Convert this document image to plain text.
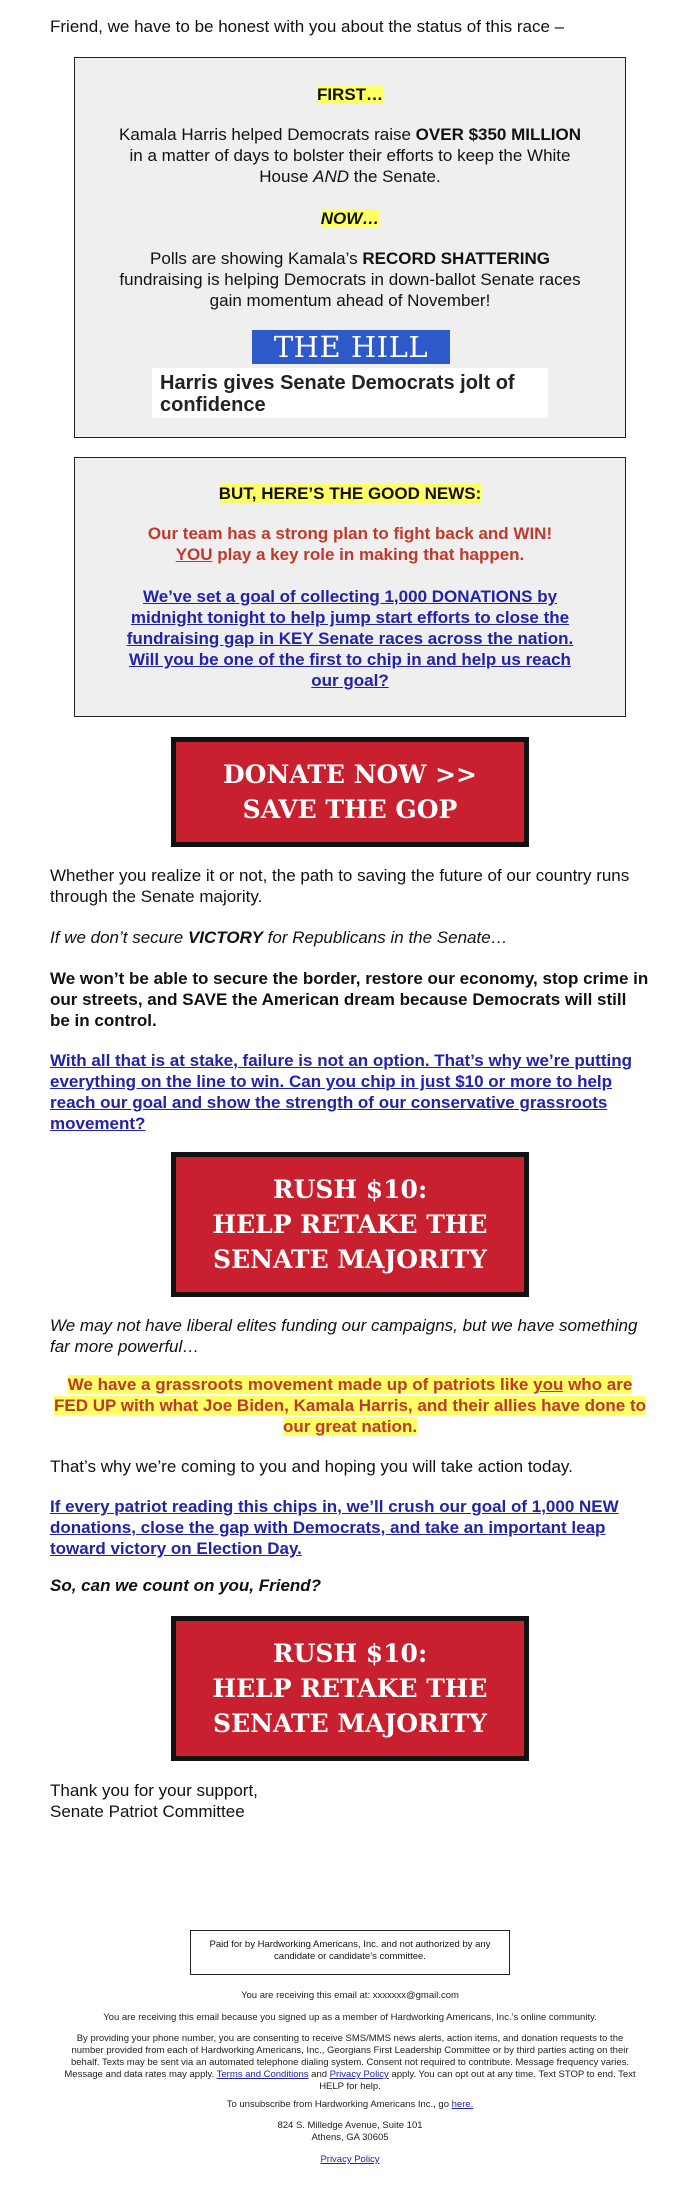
Friend, we have to be honest with you about the status of this race –

FIRST…

Kamala Harris helped Democrats raise OVER $350 MILLION in a matter of days to bolster their efforts to keep the White House AND the Senate.

NOW…

Polls are showing Kamala’s RECORD SHATTERING fundraising is helping Democrats in down-ballot Senate races gain momentum ahead of November!

THE HILL
Harris gives Senate Democrats jolt of confidence

BUT, HERE’S THE GOOD NEWS:

Our team has a strong plan to fight back and WIN! YOU play a key role in making that happen.

We’ve set a goal of collecting 1,000 DONATIONS by midnight tonight to help jump start efforts to close the fundraising gap in KEY Senate races across the nation. Will you be one of the first to chip in and help us reach our goal?

DONATE NOW >>
SAVE THE GOP

Whether you realize it or not, the path to saving the future of our country runs through the Senate majority.

If we don’t secure VICTORY for Republicans in the Senate…

We won’t be able to secure the border, restore our economy, stop crime in our streets, and SAVE the American dream because Democrats will still be in control.

With all that is at stake, failure is not an option. That’s why we’re putting everything on the line to win. Can you chip in just $10 or more to help reach our goal and show the strength of our conservative grassroots movement?

RUSH $10:
HELP RETAKE THE
SENATE MAJORITY

We may not have liberal elites funding our campaigns, but we have something far more powerful…

We have a grassroots movement made up of patriots like you who are FED UP with what Joe Biden, Kamala Harris, and their allies have done to our great nation.

That’s why we’re coming to you and hoping you will take action today.

If every patriot reading this chips in, we’ll crush our goal of 1,000 NEW donations, close the gap with Democrats, and take an important leap toward victory on Election Day.

So, can we count on you, Friend?

RUSH $10:
HELP RETAKE THE
SENATE MAJORITY

Thank you for your support,
Senate Patriot Committee

Paid for by Hardworking Americans, Inc. and not authorized by any candidate or candidate’s committee.

You are receiving this email at: xxxxxxx@gmail.com

You are receiving this email because you signed up as a member of Hardworking Americans, Inc.’s online community.

By providing your phone number, you are consenting to receive SMS/MMS news alerts, action items, and donation requests to the number provided from each of Hardworking Americans, Inc., Georgians First Leadership Committee or by third parties acting on their behalf. Texts may be sent via an automated telephone dialing system. Consent not required to contribute. Message frequency varies. Message and data rates may apply. Terms and Conditions and Privacy Policy apply. You can opt out at any time. Text STOP to end. Text HELP for help.

To unsubscribe from Hardworking Americans Inc., go here.

824 S. Milledge Avenue, Suite 101
Athens, GA 30605

Privacy Policy
